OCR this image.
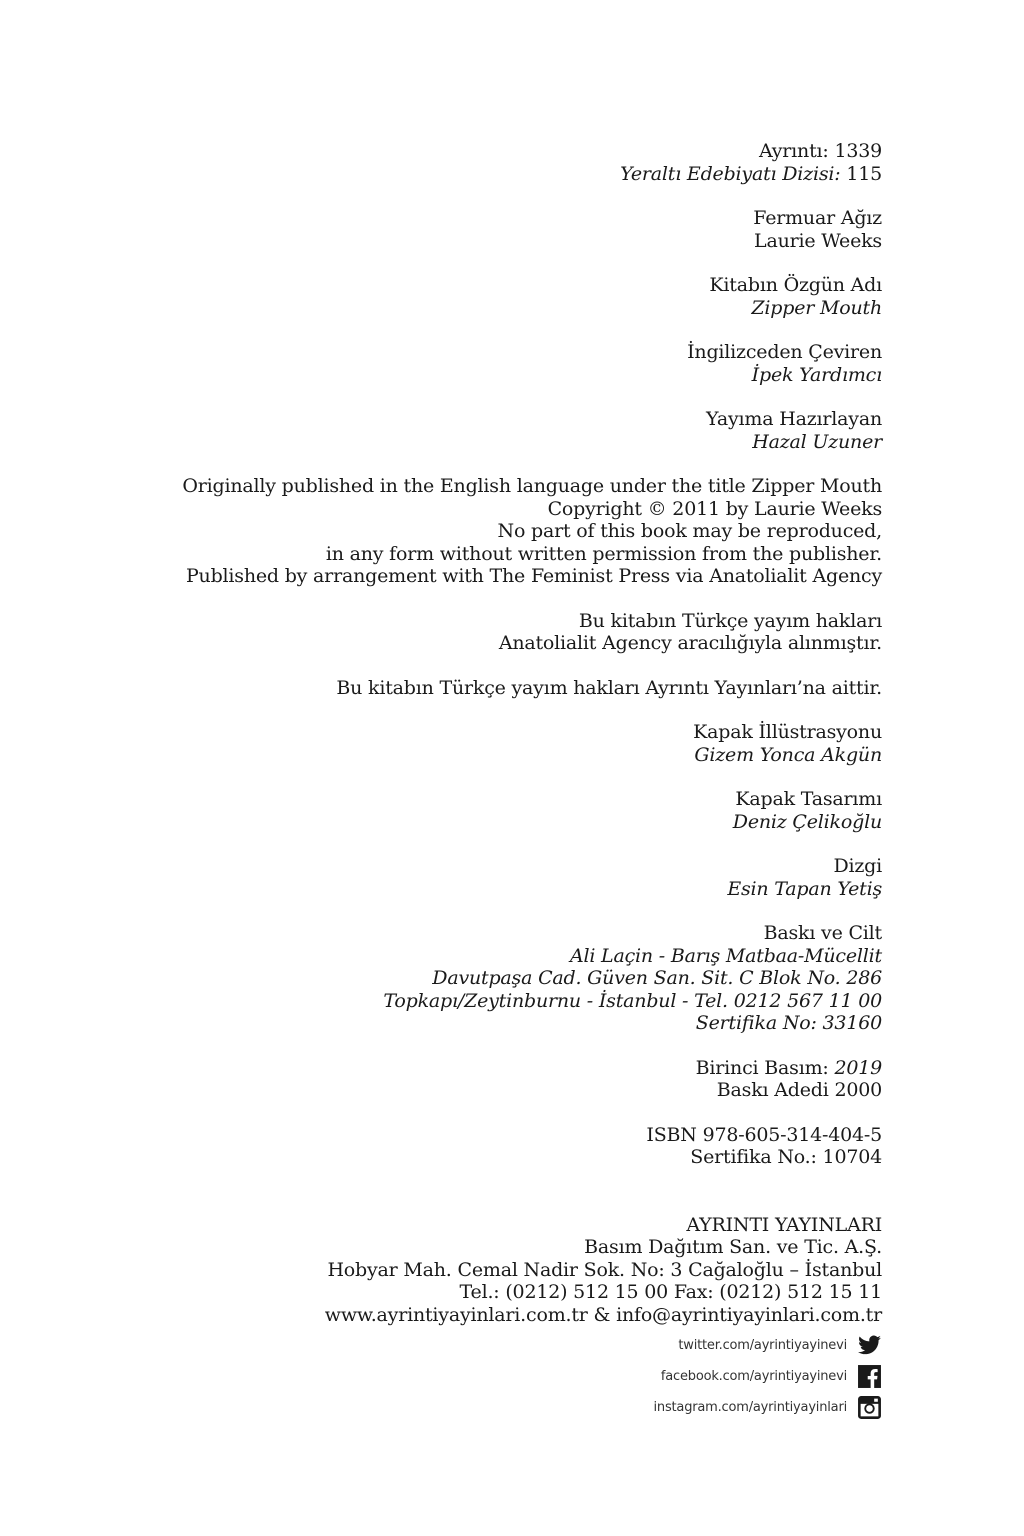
Ayrıntı: 1339
Yeraltı Edebiyatı Dizisi: 115
Fermuar Ağız
Laurie Weeks
Kitabın Özgün Adı
Zipper Mouth
İngilizceden Çeviren
İpek Yardımcı
Yayıma Hazırlayan
Hazal Uzuner
Originally published in the English language under the title Zipper Mouth
Copyright © 2011 by Laurie Weeks
No part of this book may be reproduced,
in any form without written permission from the publisher.
Published by arrangement with The Feminist Press via Anatolialit Agency
Bu kitabın Türkçe yayım hakları
Anatolialit Agency aracılığıyla alınmıştır.
Bu kitabın Türkçe yayım hakları Ayrıntı Yayınları’na aittir.
Kapak İllüstrasyonu
Gizem Yonca Akgün
Kapak Tasarımı
Deniz Çelikoğlu
Dizgi
Esin Tapan Yetiş
Baskı ve Cilt
Ali Laçin - Barış Matbaa-Mücellit
Davutpaşa Cad. Güven San. Sit. C Blok No. 286
Topkapı/Zeytinburnu - İstanbul - Tel. 0212 567 11 00
Sertifika No: 33160
Birinci Basım: 2019
Baskı Adedi 2000
ISBN 978-605-314-404-5
Sertifika No.: 10704
AYRINTI YAYINLARI
Basım Dağıtım San. ve Tic. A.Ş.
Hobyar Mah. Cemal Nadir Sok. No: 3 Cağaloğlu – İstanbul
Tel.: (0212) 512 15 00 Fax: (0212) 512 15 11
www.ayrintiyayinlari.com.tr & info@ayrintiyayinlari.com.tr
twitter.com/ayrintiyayinevi
facebook.com/ayrintiyayinevi
instagram.com/ayrintiyayinlari
